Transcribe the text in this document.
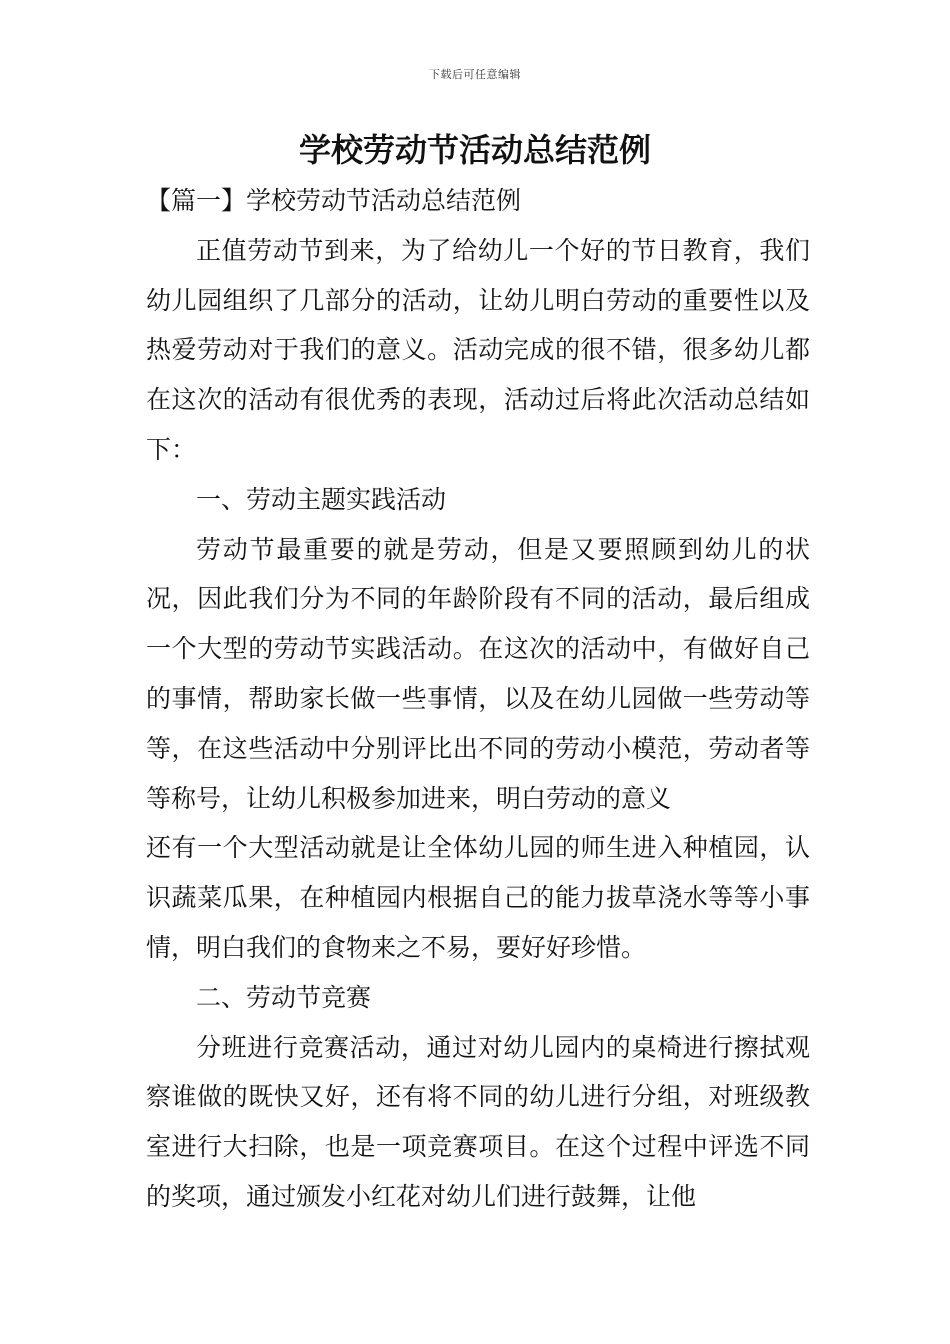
下载后可任意编辑
学校劳动节活动总结范例

【篇一】学校劳动节活动总结范例

正值劳动节到来，为了给幼儿一个好的节日教育，我们幼儿园组织了几部分的活动，让幼儿明白劳动的重要性以及热爱劳动对于我们的意义。活动完成的很不错，很多幼儿都在这次的活动有很优秀的表现，活动过后将此次活动总结如下：

一、劳动主题实践活动

劳动节最重要的就是劳动，但是又要照顾到幼儿的状况，因此我们分为不同的年龄阶段有不同的活动，最后组成一个大型的劳动节实践活动。在这次的活动中，有做好自己的事情，帮助家长做一些事情，以及在幼儿园做一些劳动等等，在这些活动中分别评比出不同的劳动小模范，劳动者等等称号，让幼儿积极参加进来，明白劳动的意义

还有一个大型活动就是让全体幼儿园的师生进入种植园，认识蔬菜瓜果，在种植园内根据自己的能力拔草浇水等等小事情，明白我们的食物来之不易，要好好珍惜。

二、劳动节竞赛

分班进行竞赛活动，通过对幼儿园内的桌椅进行擦拭观察谁做的既快又好，还有将不同的幼儿进行分组，对班级教室进行大扫除，也是一项竞赛项目。在这个过程中评选不同的奖项，通过颁发小红花对幼儿们进行鼓舞，让他
